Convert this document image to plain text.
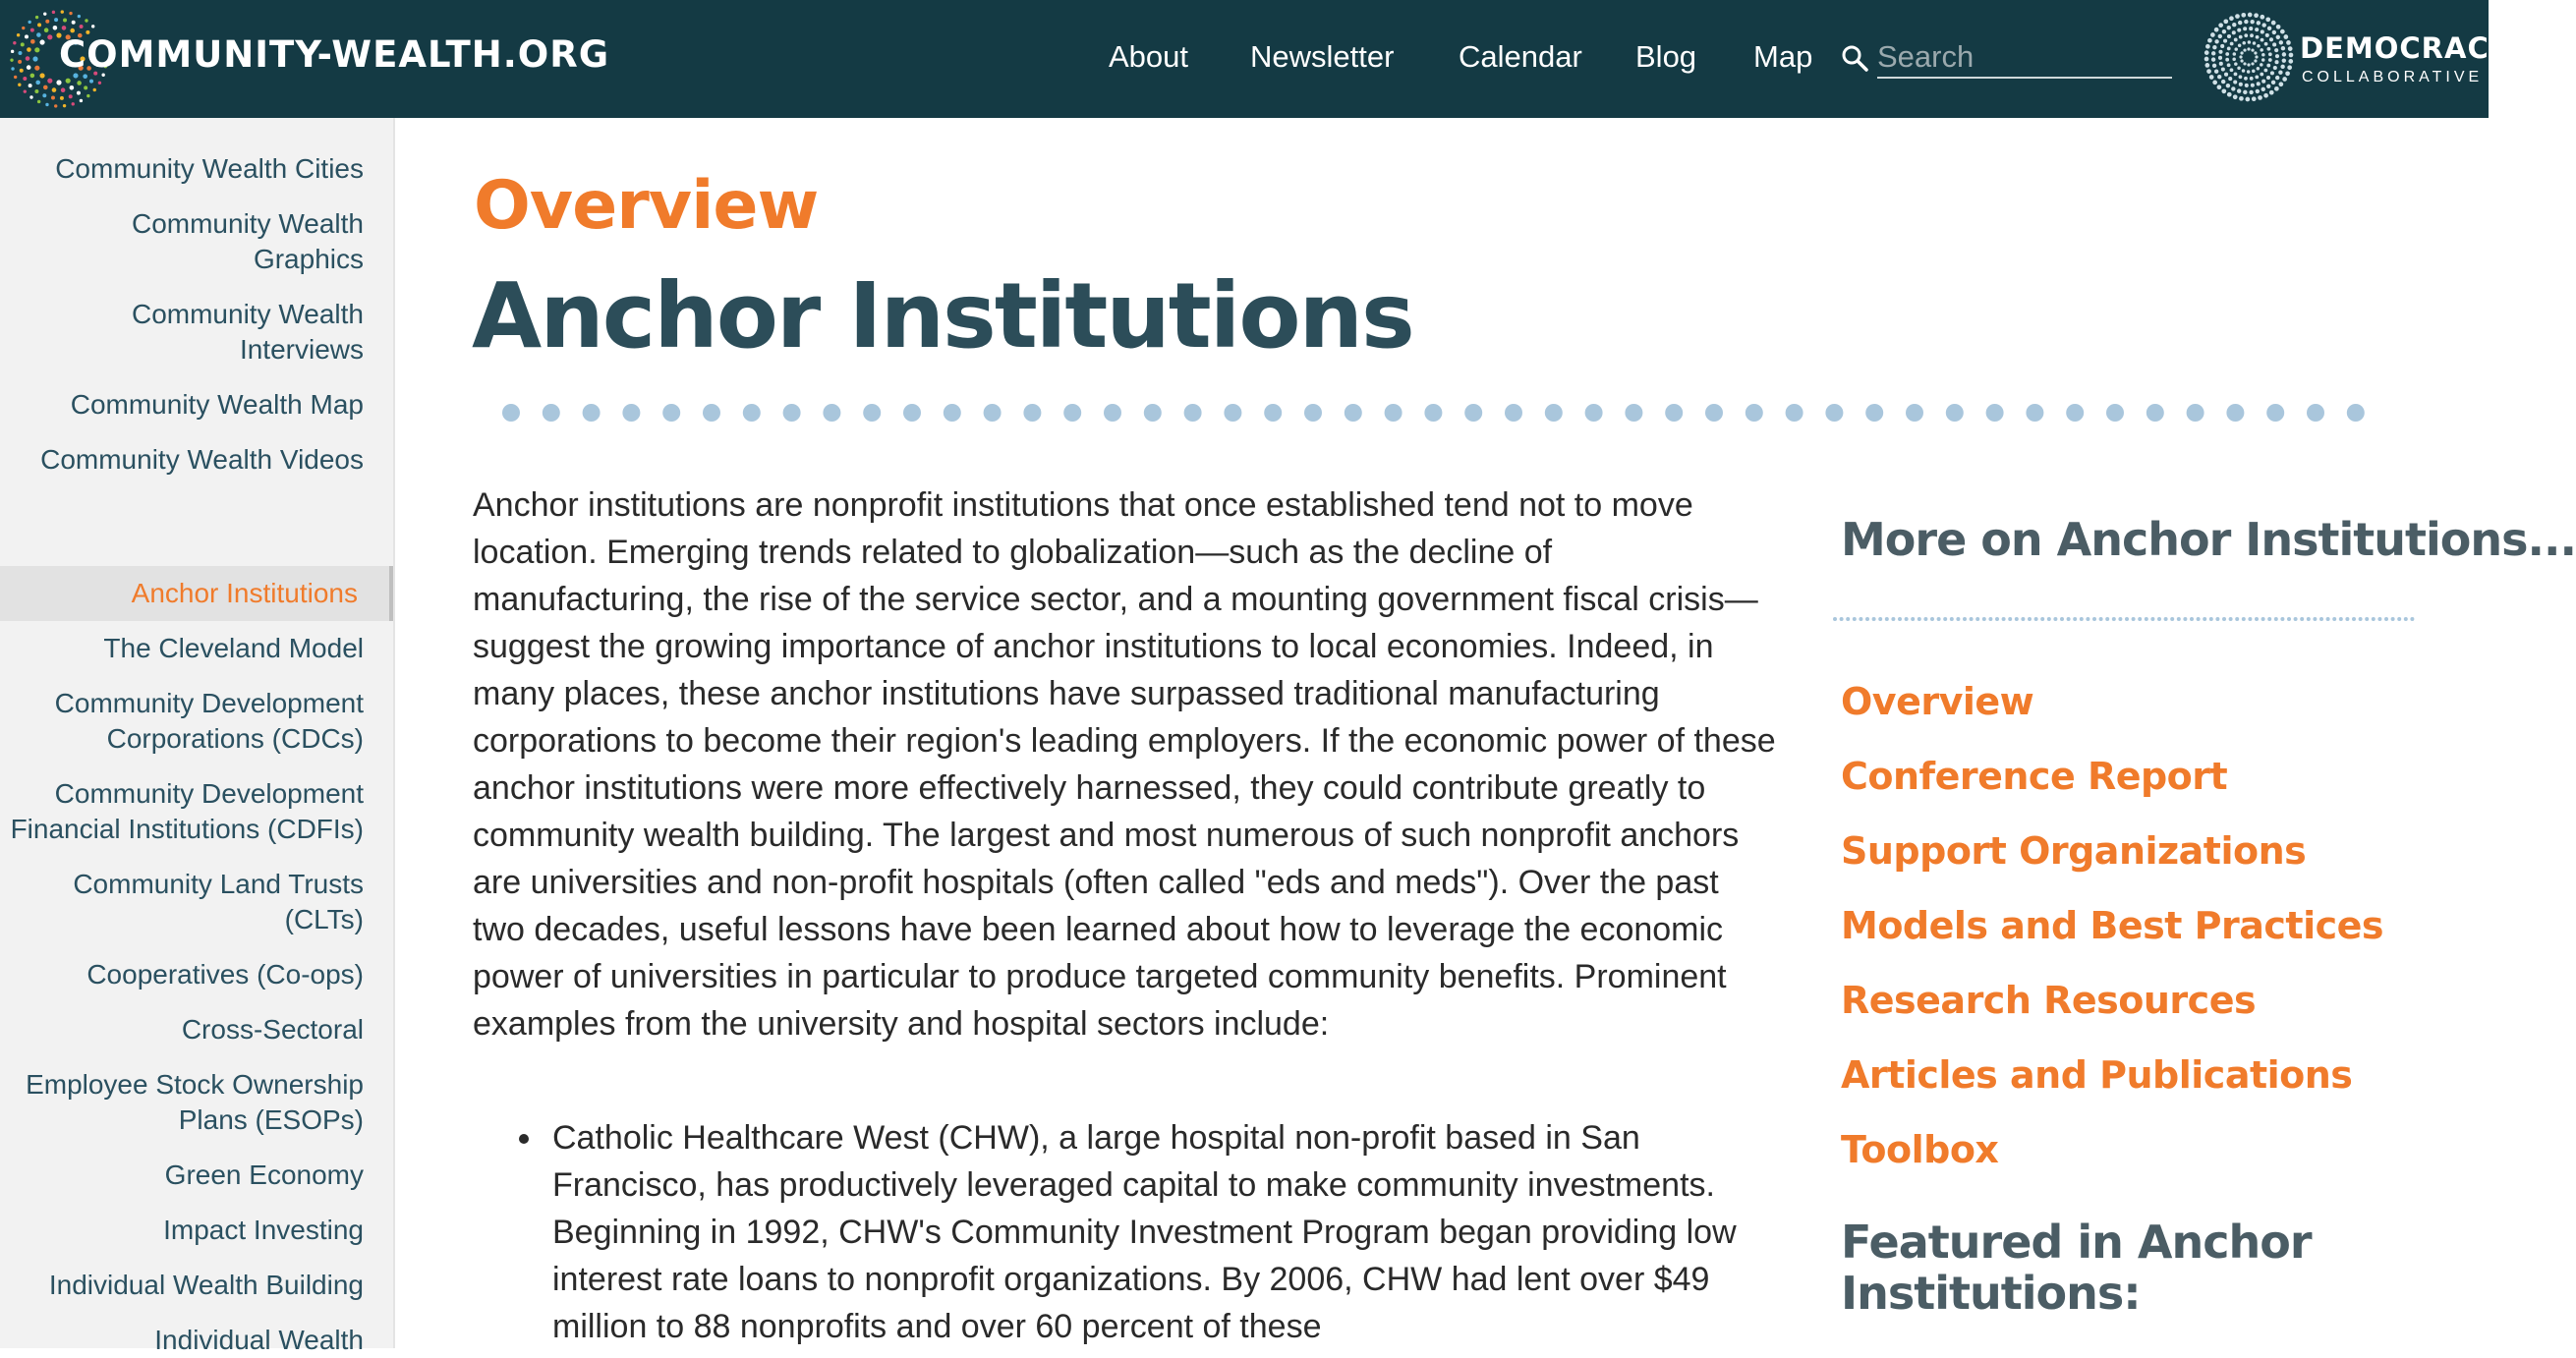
COMMUNITY-WEALTH.ORG	About Newsletter Calendar Blog Map
Search	DEMOCRACY
COLLABORATIVE
Community Wealth Cities
Community Wealth Graphics
Community Wealth Interviews
Community Wealth Map
Community Wealth Videos
Anchor Institutions
The Cleveland Model
Community Development Corporations (CDCs)
Community Development Financial Institutions (CDFIs)
Community Land Trusts (CLTs)
Cooperatives (Co-ops)
Cross-Sectoral
Employee Stock Ownership Plans (ESOPs)
Green Economy
Impact Investing
Individual Wealth Building
Individual Wealth
Overview
Anchor Institutions

Anchor institutions are nonprofit institutions that once established tend not to move location. Emerging trends related to globalization—such as the decline of manufacturing, the rise of the service sector, and a mounting government fiscal crisis—suggest the growing importance of anchor institutions to local economies. Indeed, in many places, these anchor institutions have surpassed traditional manufacturing corporations to become their region's leading employers. If the economic power of these anchor institutions were more effectively harnessed, they could contribute greatly to community wealth building. The largest and most numerous of such nonprofit anchors are universities and non-profit hospitals (often called "eds and meds"). Over the past two decades, useful lessons have been learned about how to leverage the economic power of universities in particular to produce targeted community benefits. Prominent examples from the university and hospital sectors include:

Catholic Healthcare West (CHW), a large hospital non-profit based in San Francisco, has productively leveraged capital to make community investments. Beginning in 1992, CHW's Community Investment Program began providing low interest rate loans to nonprofit organizations. By 2006, CHW had lent over $49 million to 88 nonprofits and over 60 percent of these
More on Anchor Institutions...
Overview
Conference Report
Support Organizations
Models and Best Practices
Research Resources
Articles and Publications
Toolbox
Featured in Anchor Institutions:
